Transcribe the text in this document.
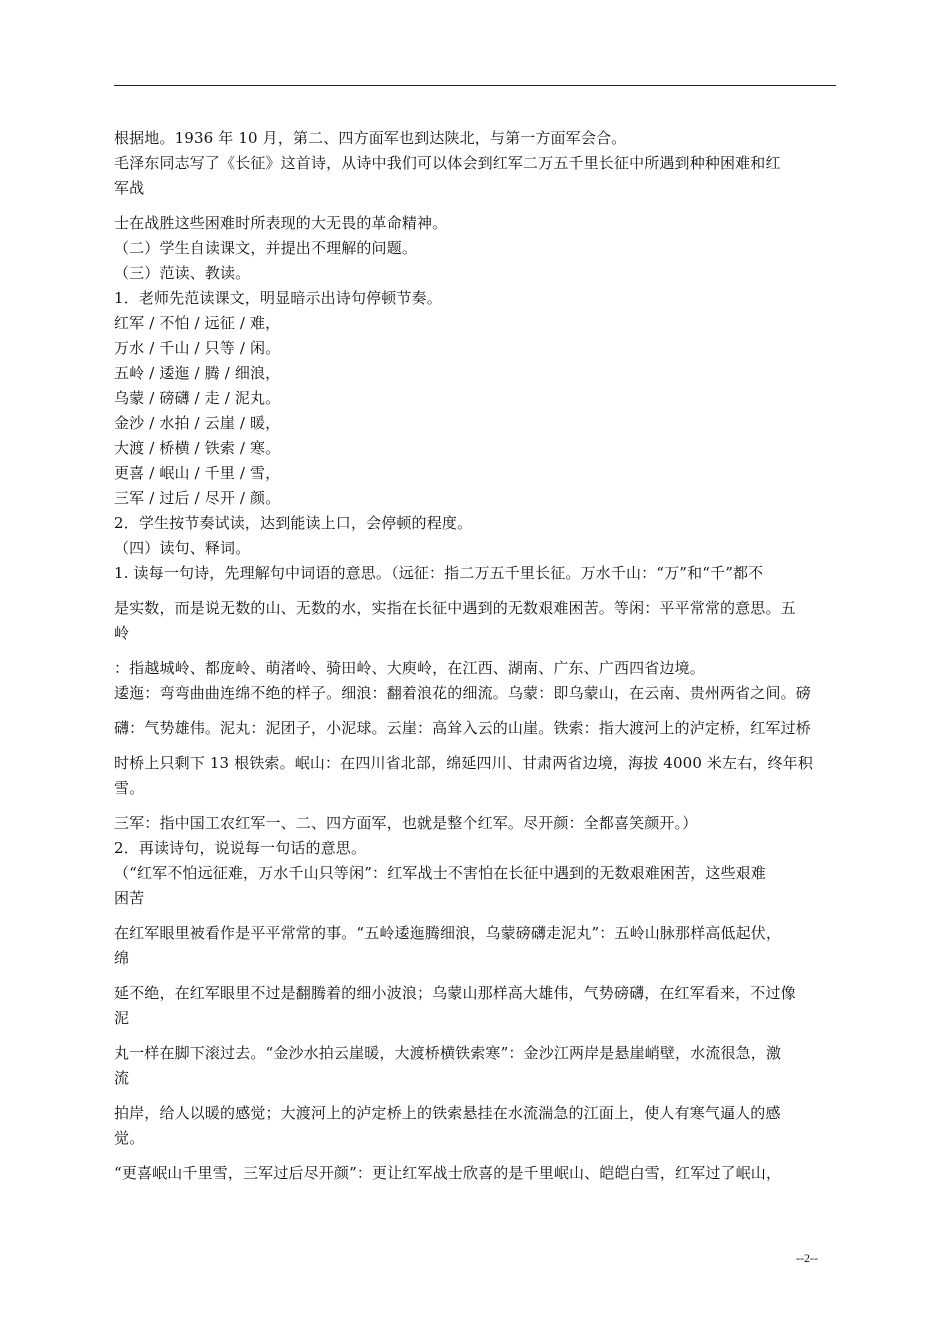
根据地。1936 年 10 月，第二、四方面军也到达陕北，与第一方面军会合。
毛泽东同志写了《长征》这首诗，从诗中我们可以体会到红军二万五千里长征中所遇到种种困难和红
军战
士在战胜这些困难时所表现的大无畏的革命精神。
（二）学生自读课文，并提出不理解的问题。
（三）范读、教读。
1．老师先范读课文，明显暗示出诗句停顿节奏。
红军 / 不怕 / 远征 / 难，
万水 / 千山 / 只等 / 闲。
五岭 / 逶迤 / 腾 / 细浪，
乌蒙 / 磅礴 / 走 / 泥丸。
金沙 / 水拍 / 云崖 / 暖，
大渡 / 桥横 / 铁索 / 寒。
更喜 / 岷山 / 千里 / 雪，
三军 / 过后 / 尽开 / 颜。
2．学生按节奏试读，达到能读上口，会停顿的程度。
（四）读句、释词。
1. 读每一句诗，先理解句中词语的意思。（远征：指二万五千里长征。万水千山：“万”和“千”都不
是实数，而是说无数的山、无数的水，实指在长征中遇到的无数艰难困苦。等闲：平平常常的意思。五
岭
：指越城岭、都庞岭、萌渚岭、骑田岭、大庾岭，在江西、湖南、广东、广西四省边境。
逶迤：弯弯曲曲连绵不绝的样子。细浪：翻着浪花的细流。乌蒙：即乌蒙山，在云南、贵州两省之间。磅
礴：气势雄伟。泥丸：泥团子，小泥球。云崖：高耸入云的山崖。铁索：指大渡河上的泸定桥，红军过桥
时桥上只剩下 13 根铁索。岷山：在四川省北部，绵延四川、甘肃两省边境，海拔 4000 米左右，终年积
雪。
三军：指中国工农红军一、二、四方面军，也就是整个红军。尽开颜：全都喜笑颜开。）
2．再读诗句，说说每一句话的意思。
（“红军不怕远征难，万水千山只等闲”：红军战士不害怕在长征中遇到的无数艰难困苦，这些艰难
困苦
在红军眼里被看作是平平常常的事。“五岭逶迤腾细浪，乌蒙磅礴走泥丸”：五岭山脉那样高低起伏，
绵
延不绝，在红军眼里不过是翻腾着的细小波浪；乌蒙山那样高大雄伟，气势磅礴，在红军看来，不过像
泥
丸一样在脚下滚过去。“金沙水拍云崖暖，大渡桥横铁索寒”：金沙江两岸是悬崖峭壁，水流很急，激
流
拍岸，给人以暖的感觉；大渡河上的泸定桥上的铁索悬挂在水流湍急的江面上，使人有寒气逼人的感
觉。
“更喜岷山千里雪，三军过后尽开颜”：更让红军战士欣喜的是千里岷山、皑皑白雪，红军过了岷山，
--2--
